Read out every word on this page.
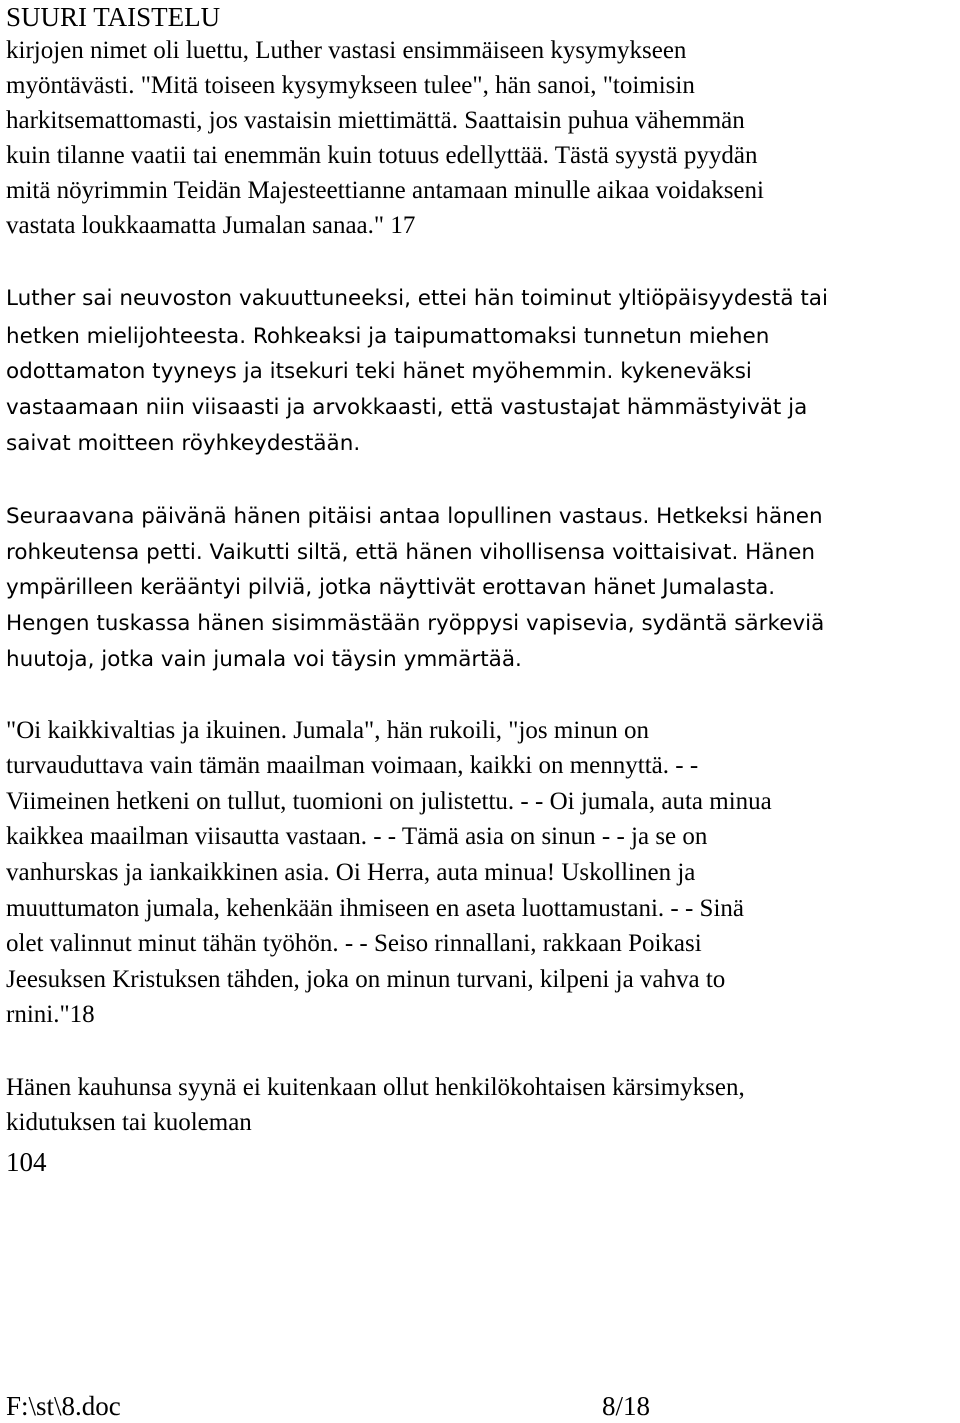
SUURI TAISTELU
kirjojen nimet oli luettu, Luther vastasi ensimmäiseen kysymykseen
myöntävästi. "Mitä toiseen kysymykseen tulee", hän sanoi, "toimisin
harkitsemattomasti, jos vastaisin miettimättä. Saattaisin puhua vähemmän
kuin tilanne vaatii tai enemmän kuin totuus edellyttää. Tästä syystä pyydän
mitä nöyrimmin Teidän Majesteettianne antamaan minulle aikaa voidakseni
vastata loukkaamatta Jumalan sanaa." 17
Luther sai neuvoston vakuuttuneeksi, ettei hän toiminut yltiöpäisyydestä tai
hetken mielijohteesta. Rohkeaksi ja taipumattomaksi tunnetun miehen
odottamaton tyyneys ja itsekuri teki hänet myöhemmin. kykeneväksi
vastaamaan niin viisaasti ja arvokkaasti, että vastustajat hämmästyivät ja
saivat moitteen röyhkeydestään.
Seuraavana päivänä hänen pitäisi antaa lopullinen vastaus. Hetkeksi hänen
rohkeutensa petti. Vaikutti siltä, että hänen vihollisensa voittaisivat. Hänen
ympärilleen kerääntyi pilviä, jotka näyttivät erottavan hänet Jumalasta.
Hengen tuskassa hänen sisimmästään ryöppysi vapisevia, sydäntä särkeviä
huutoja, jotka vain jumala voi täysin ymmärtää.
"Oi kaikkivaltias ja ikuinen. Jumala", hän rukoili, "jos minun on
turvauduttava vain tämän maailman voimaan, kaikki on mennyttä. - -
Viimeinen hetkeni on tullut, tuomioni on julistettu. - - Oi jumala, auta minua
kaikkea maailman viisautta vastaan. - - Tämä asia on sinun - - ja se on
vanhurskas ja iankaikkinen asia. Oi Herra, auta minua! Uskollinen ja
muuttumaton jumala, kehenkään ihmiseen en aseta luottamustani. - - Sinä
olet valinnut minut tähän työhön. - - Seiso rinnallani, rakkaan Poikasi
Jeesuksen Kristuksen tähden, joka on minun turvani, kilpeni ja vahva to
rnini."18
Hänen kauhunsa syynä ei kuitenkaan ollut henkilökohtaisen kärsimyksen,
kidutuksen tai kuoleman
104
F:\st\8.doc	8/18
